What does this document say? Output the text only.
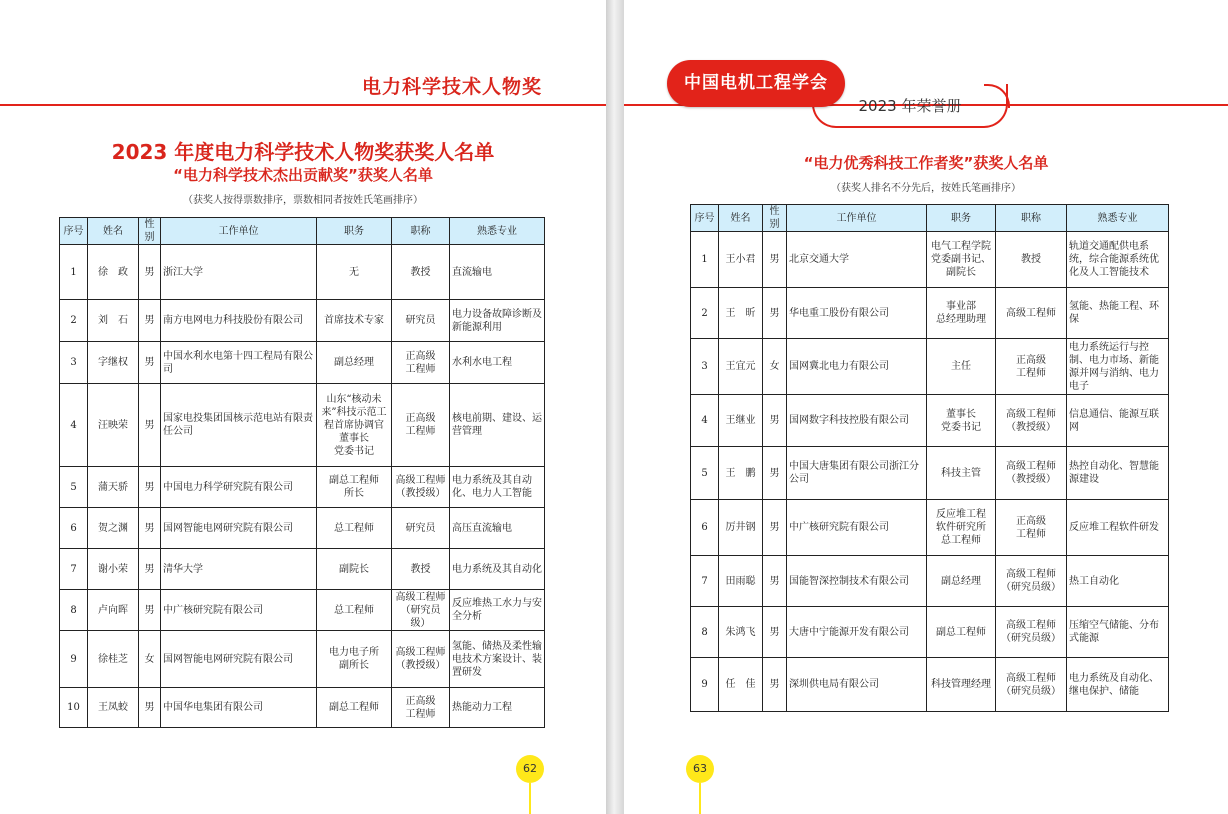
电力科学技术人物奖
2023 年度电力科学技术人物奖获奖人名单
“电力科学技术杰出贡献奖”获奖人名单
（获奖人按得票数排序，票数相同者按姓氏笔画排序）
序号	姓名	性别	工作单位	职务	职称	熟悉专业
1	徐　政	男	浙江大学	无	教授	直流输电
2	刘　石	男	南方电网电力科技股份有限公司	首席技术专家	研究员	电力设备故障诊断及新能源利用
3	字继权	男	中国水利水电第十四工程局有限公司	副总经理	正高级
工程师	水利水电工程
4	汪映荣	男	国家电投集团国核示范电站有限责任公司	山东“核动未来”科技示范工程首席协调官
董事长
党委书记	正高级
工程师	核电前期、建设、运营管理
5	蒲天骄	男	中国电力科学研究院有限公司	副总工程师
所长	高级工程师
（教授级）	电力系统及其自动化、电力人工智能
6	贺之渊	男	国网智能电网研究院有限公司	总工程师	研究员	高压直流输电
7	谢小荣	男	清华大学	副院长	教授	电力系统及其自动化
8	卢向晖	男	中广核研究院有限公司	总工程师	高级工程师
（研究员级）	反应堆热工水力与安全分析
9	徐桂芝	女	国网智能电网研究院有限公司	电力电子所
副所长	高级工程师
（教授级）	氢能、储热及柔性输电技术方案设计、装置研发
10	王凤蛟	男	中国华电集团有限公司	副总工程师	正高级
工程师	热能动力工程
62
2023 年荣誉册
中国电机工程学会
“电力优秀科技工作者奖”获奖人名单
（获奖人排名不分先后，按姓氏笔画排序）
序号	姓名	性别	工作单位	职务	职称	熟悉专业
1	王小君	男	北京交通大学	电气工程学院
党委副书记、
副院长	教授	轨道交通配供电系统，综合能源系统优化及人工智能技术
2	王　昕	男	华电重工股份有限公司	事业部
总经理助理	高级工程师	氢能、热能工程、环保
3	王宜元	女	国网冀北电力有限公司	主任	正高级
工程师	电力系统运行与控制、电力市场、新能源并网与消纳、电力电子
4	王继业	男	国网数字科技控股有限公司	董事长
党委书记	高级工程师
（教授级）	信息通信、能源互联网
5	王　鹏	男	中国大唐集团有限公司浙江分公司	科技主管	高级工程师
（教授级）	热控自动化、智慧能源建设
6	厉井钢	男	中广核研究院有限公司	反应堆工程
软件研究所
总工程师	正高级
工程师	反应堆工程软件研发
7	田雨聪	男	国能智深控制技术有限公司	副总经理	高级工程师
（研究员级）	热工自动化
8	朱鸿飞	男	大唐中宁能源开发有限公司	副总工程师	高级工程师
（研究员级）	压缩空气储能、分布式能源
9	任　佳	男	深圳供电局有限公司	科技管理经理	高级工程师
（研究员级）	电力系统及自动化、继电保护、储能
63
